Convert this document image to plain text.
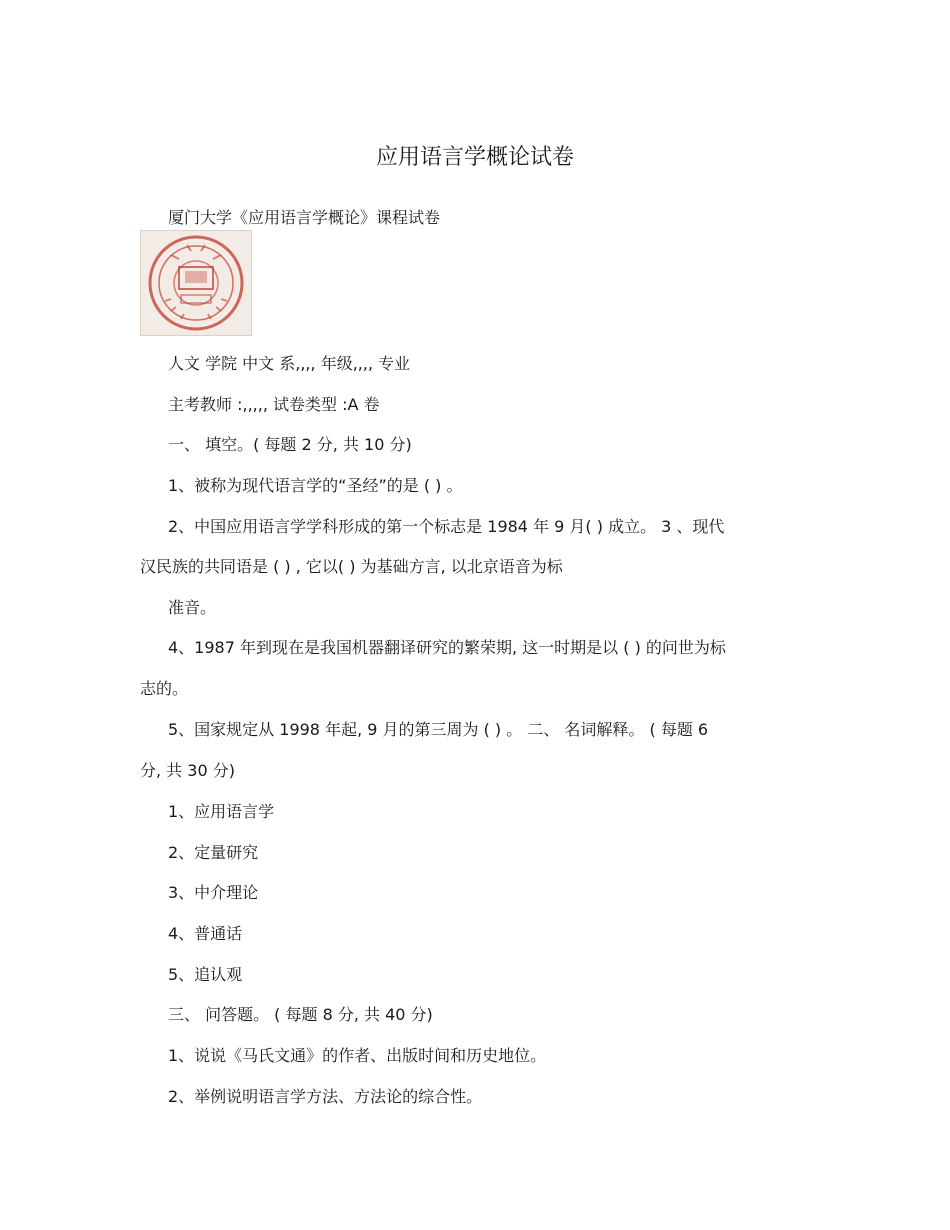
应用语言学概论试卷
厦门大学《应用语言学概论》课程试卷
人文 学院 中文 系,,,, 年级,,,, 专业
主考教师 :,,,,, 试卷类型 :A 卷
一、 填空。( 每题 2 分, 共 10 分)
1、被称为现代语言学的“圣经”的是 ( ) 。
2、中国应用语言学学科形成的第一个标志是 1984 年 9 月( ) 成立。 3 、现代
汉民族的共同语是 ( ) , 它以( ) 为基础方言, 以北京语音为标
准音。
4、1987 年到现在是我国机器翻译研究的繁荣期, 这一时期是以 ( ) 的问世为标
志的。
5、国家规定从 1998 年起, 9 月的第三周为 ( ) 。 二、 名词解释。 ( 每题 6
分, 共 30 分)
1、应用语言学
2、定量研究
3、中介理论
4、普通话
5、追认观
三、 问答题。 ( 每题 8 分, 共 40 分)
1、说说《马氏文通》的作者、出版时间和历史地位。
2、举例说明语言学方法、方法论的综合性。
